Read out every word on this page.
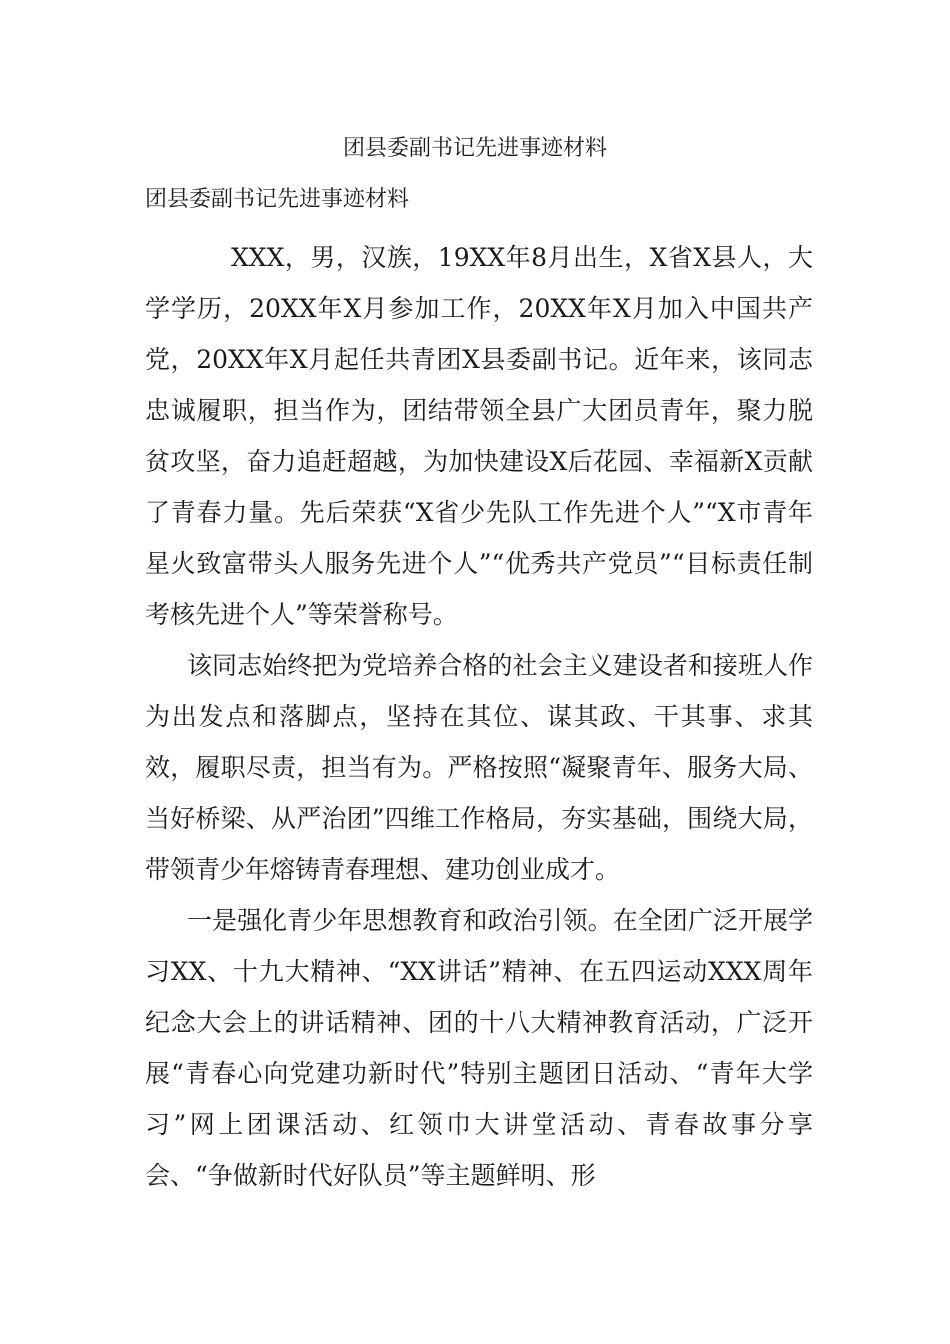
团县委副书记先进事迹材料
团县委副书记先进事迹材料

XXX，男，汉族，19XX年8月出生，X省X县人，大学学历，20XX年X月参加工作，20XX年X月加入中国共产党，20XX年X月起任共青团X县委副书记。近年来，该同志忠诚履职，担当作为，团结带领全县广大团员青年，聚力脱贫攻坚，奋力追赶超越，为加快建设X后花园、幸福新X贡献了青春力量。先后荣获“X省少先队工作先进个人”“X市青年星火致富带头人服务先进个人”“优秀共产党员”“目标责任制考核先进个人”等荣誉称号。

该同志始终把为党培养合格的社会主义建设者和接班人作为出发点和落脚点，坚持在其位、谋其政、干其事、求其效，履职尽责，担当有为。严格按照“凝聚青年、服务大局、当好桥梁、从严治团”四维工作格局，夯实基础，围绕大局，带领青少年熔铸青春理想、建功创业成才。

一是强化青少年思想教育和政治引领。在全团广泛开展学习XX、十九大精神、“XX讲话”精神、在五四运动XXX周年纪念大会上的讲话精神、团的十八大精神教育活动，广泛开展“青春心向党建功新时代”特别主题团日活动、“青年大学习”网上团课活动、红领巾大讲堂活动、青春故事分享会、“争做新时代好队员”等主题鲜明、形
